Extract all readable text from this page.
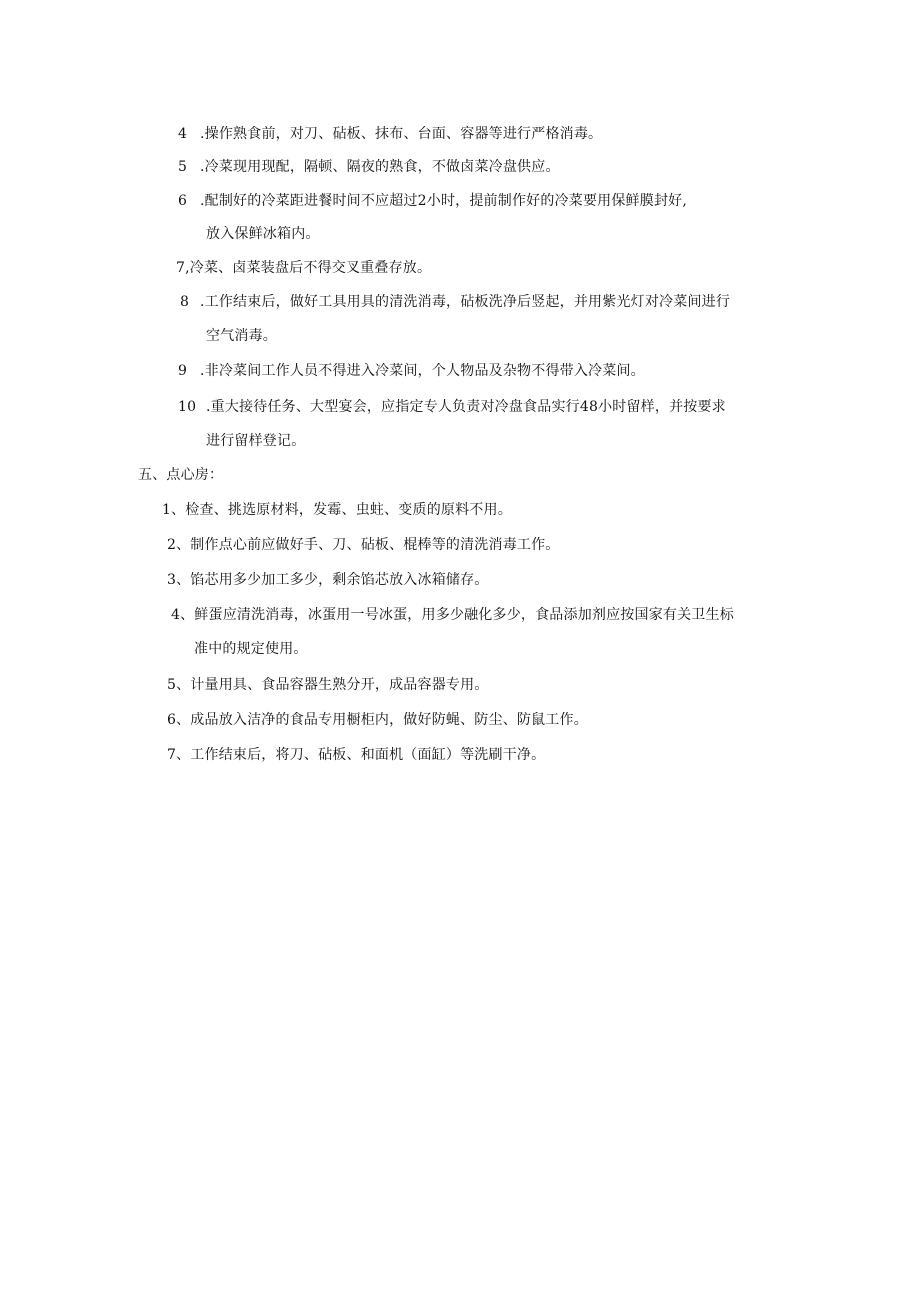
4 .操作熟食前，对刀、砧板、抹布、台面、容器等进行严格消毒。
5 .冷菜现用现配，隔顿、隔夜的熟食，不做卤菜冷盘供应。
6 .配制好的冷菜距进餐时间不应超过2小时，提前制作好的冷菜要用保鲜膜封好,
放入保鲜冰箱内。
7,冷菜、卤菜装盘后不得交叉重叠存放。
8 .工作结束后，做好工具用具的清洗消毒，砧板洗净后竖起，并用紫光灯对冷菜间进行
空气消毒。
9 .非冷菜间工作人员不得进入冷菜间，个人物品及杂物不得带入冷菜间。
10 .重大接待任务、大型宴会，应指定专人负责对冷盘食品实行48小时留样，并按要求
进行留样登记。
五、点心房：
1、检查、挑选原材料，发霉、虫蛀、变质的原料不用。
2、制作点心前应做好手、刀、砧板、棍棒等的清洗消毒工作。
3、馅芯用多少加工多少，剩余馅芯放入冰箱储存。
4、鲜蛋应清洗消毒，冰蛋用一号冰蛋，用多少融化多少，食品添加剂应按国家有关卫生标
准中的规定使用。
5、计量用具、食品容器生熟分开，成品容器专用。
6、成品放入洁净的食品专用橱柜内，做好防蝇、防尘、防鼠工作。
7、工作结束后，将刀、砧板、和面机（面缸）等洗刷干净。
